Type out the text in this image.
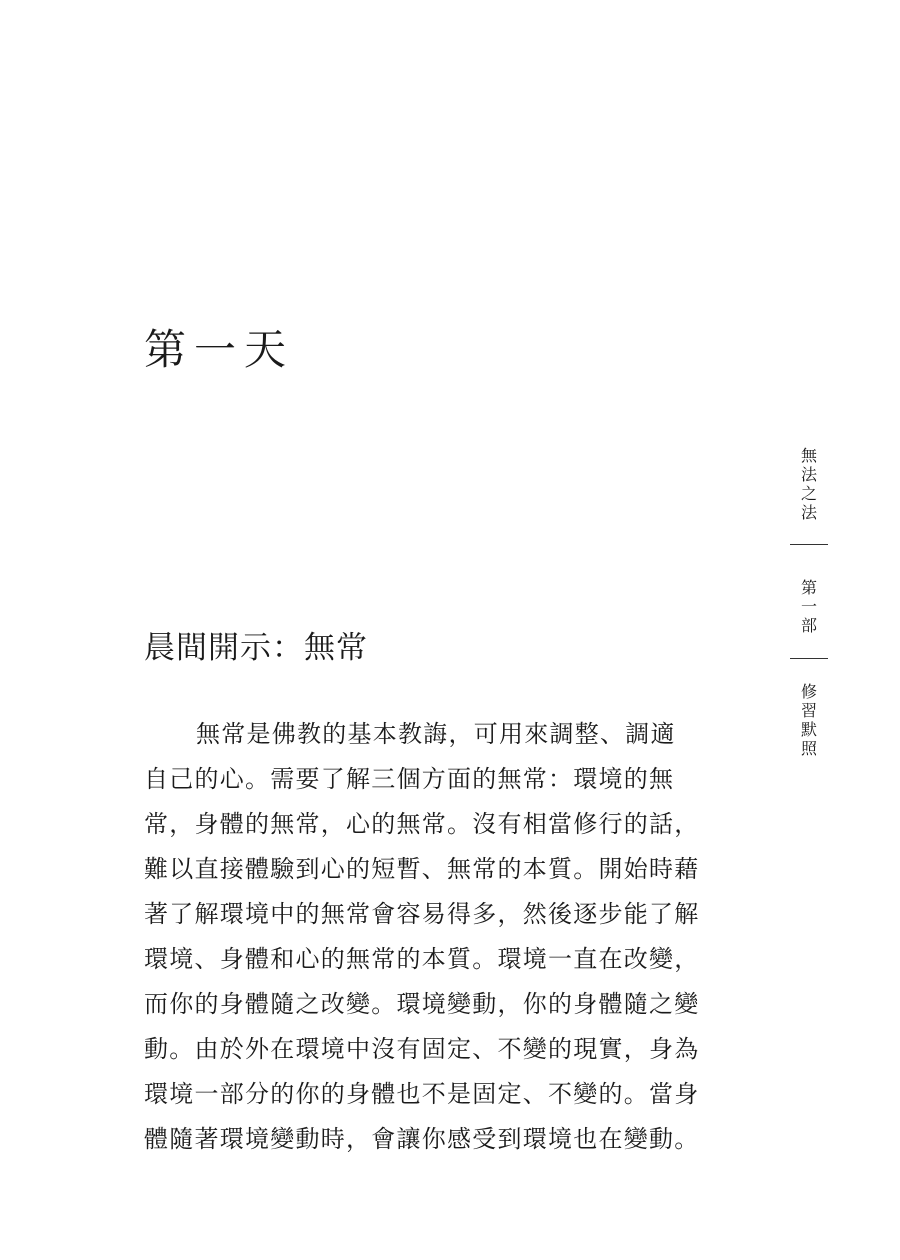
第一天
晨間開示：無常
無常是佛教的基本教誨，可用來調整、調適
自己的心。需要了解三個方面的無常：環境的無
常，身體的無常，心的無常。沒有相當修行的話，
難以直接體驗到心的短暫、無常的本質。開始時藉
著了解環境中的無常會容易得多，然後逐步能了解
環境、身體和心的無常的本質。環境一直在改變，
而你的身體隨之改變。環境變動，你的身體隨之變
動。由於外在環境中沒有固定、不變的現實，身為
環境一部分的你的身體也不是固定、不變的。當身
體隨著環境變動時，會讓你感受到環境也在變動。
無
法
之
法
第
一
部
修
習
默
照
